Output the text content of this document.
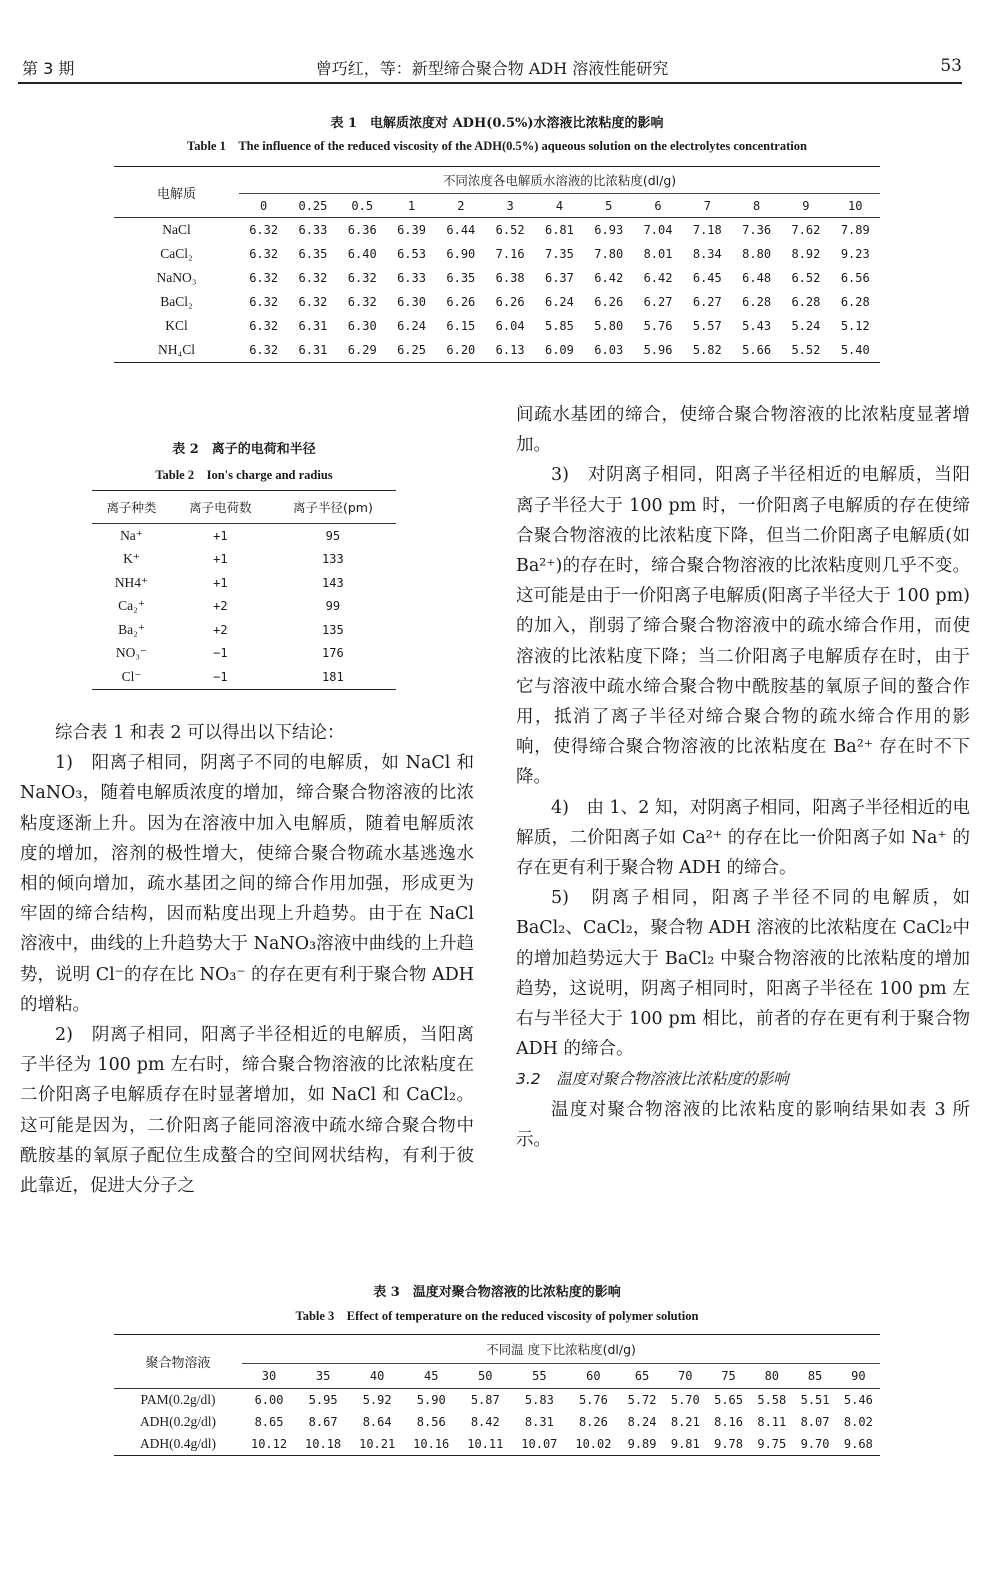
第 3 期	曾巧红，等：新型缔合聚合物 ADH 溶液性能研究	53
表 1　电解质浓度对 ADH(0.5%)水溶液比浓粘度的影响
Table 1　The influence of the reduced viscosity of the ADH(0.5%) aqueous solution on the electrolytes concentration
电解质	不同浓度各电解质水溶液的比浓粘度(dl/g)												
	0	0.25	0.5	1	2	3	4	5	6	7	8	9	10
NaCl	6.32	6.33	6.36	6.39	6.44	6.52	6.81	6.93	7.04	7.18	7.36	7.62	7.89
CaCl₂	6.32	6.35	6.40	6.53	6.90	7.16	7.35	7.80	8.01	8.34	8.80	8.92	9.23
NaNO₃	6.32	6.32	6.32	6.33	6.35	6.38	6.37	6.42	6.42	6.45	6.48	6.52	6.56
BaCl₂	6.32	6.32	6.32	6.30	6.26	6.26	6.24	6.26	6.27	6.27	6.28	6.28	6.28
KCl	6.32	6.31	6.30	6.24	6.15	6.04	5.85	5.80	5.76	5.57	5.43	5.24	5.12
NH₄Cl	6.32	6.31	6.29	6.25	6.20	6.13	6.09	6.03	5.96	5.82	5.66	5.52	5.40
表 2　离子的电荷和半径
Table 2　Ion's charge and radius
离子种类	离子电荷数	离子半径(pm)
Na⁺	+1	95
K⁺	+1	133
NH4⁺	+1	143
Ca₂⁺	+2	99
Ba₂⁺	+2	135
NO₃⁻	−1	176
Cl⁻	−1	181

综合表 1 和表 2 可以得出以下结论：

1)　阳离子相同，阴离子不同的电解质，如 NaCl 和 NaNO₃，随着电解质浓度的增加，缔合聚合物溶液的比浓粘度逐渐上升。因为在溶液中加入电解质，随着电解质浓度的增加，溶剂的极性增大，使缔合聚合物疏水基逃逸水相的倾向增加，疏水基团之间的缔合作用加强，形成更为牢固的缔合结构，因而粘度出现上升趋势。由于在 NaCl 溶液中，曲线的上升趋势大于 NaNO₃溶液中曲线的上升趋势，说明 Cl⁻的存在比 NO₃⁻ 的存在更有利于聚合物 ADH 的增粘。

2)　阴离子相同，阳离子半径相近的电解质，当阳离子半径为 100 pm 左右时，缔合聚合物溶液的比浓粘度在二价阳离子电解质存在时显著增加，如 NaCl 和 CaCl₂。这可能是因为，二价阳离子能同溶液中疏水缔合聚合物中酰胺基的氧原子配位生成螯合的空间网状结构，有利于彼此靠近，促进大分子之

间疏水基团的缔合，使缔合聚合物溶液的比浓粘度显著增加。

3)　对阴离子相同，阳离子半径相近的电解质，当阳离子半径大于 100 pm 时，一价阳离子电解质的存在使缔合聚合物溶液的比浓粘度下降，但当二价阳离子电解质(如 Ba²⁺)的存在时，缔合聚合物溶液的比浓粘度则几乎不变。这可能是由于一价阳离子电解质(阳离子半径大于 100 pm)的加入，削弱了缔合聚合物溶液中的疏水缔合作用，而使溶液的比浓粘度下降；当二价阳离子电解质存在时，由于它与溶液中疏水缔合聚合物中酰胺基的氧原子间的螯合作用，抵消了离子半径对缔合聚合物的疏水缔合作用的影响，使得缔合聚合物溶液的比浓粘度在 Ba²⁺ 存在时不下降。

4)　由 1、2 知，对阴离子相同，阳离子半径相近的电解质，二价阳离子如 Ca²⁺ 的存在比一价阳离子如 Na⁺ 的存在更有利于聚合物 ADH 的缔合。

5)　阴离子相同，阳离子半径不同的电解质，如 BaCl₂、CaCl₂，聚合物 ADH 溶液的比浓粘度在 CaCl₂中的增加趋势远大于 BaCl₂ 中聚合物溶液的比浓粘度的增加趋势，这说明，阴离子相同时，阳离子半径在 100 pm 左右与半径大于 100 pm 相比，前者的存在更有利于聚合物 ADH 的缔合。

3.2　温度对聚合物溶液比浓粘度的影响

温度对聚合物溶液的比浓粘度的影响结果如表 3 所示。

表 3　温度对聚合物溶液的比浓粘度的影响
Table 3　Effect of temperature on the reduced viscosity of polymer solution
聚合物溶液	不同温 度下比浓粘度(dl/g)												
	30	35	40	45	50	55	60	65	70	75	80	85	90
PAM(0.2g/dl)	6.00	5.95	5.92	5.90	5.87	5.83	5.76	5.72	5.70	5.65	5.58	5.51	5.46
ADH(0.2g/dl)	8.65	8.67	8.64	8.56	8.42	8.31	8.26	8.24	8.21	8.16	8.11	8.07	8.02
ADH(0.4g/dl)	10.12	10.18	10.21	10.16	10.11	10.07	10.02	9.89	9.81	9.78	9.75	9.70	9.68
